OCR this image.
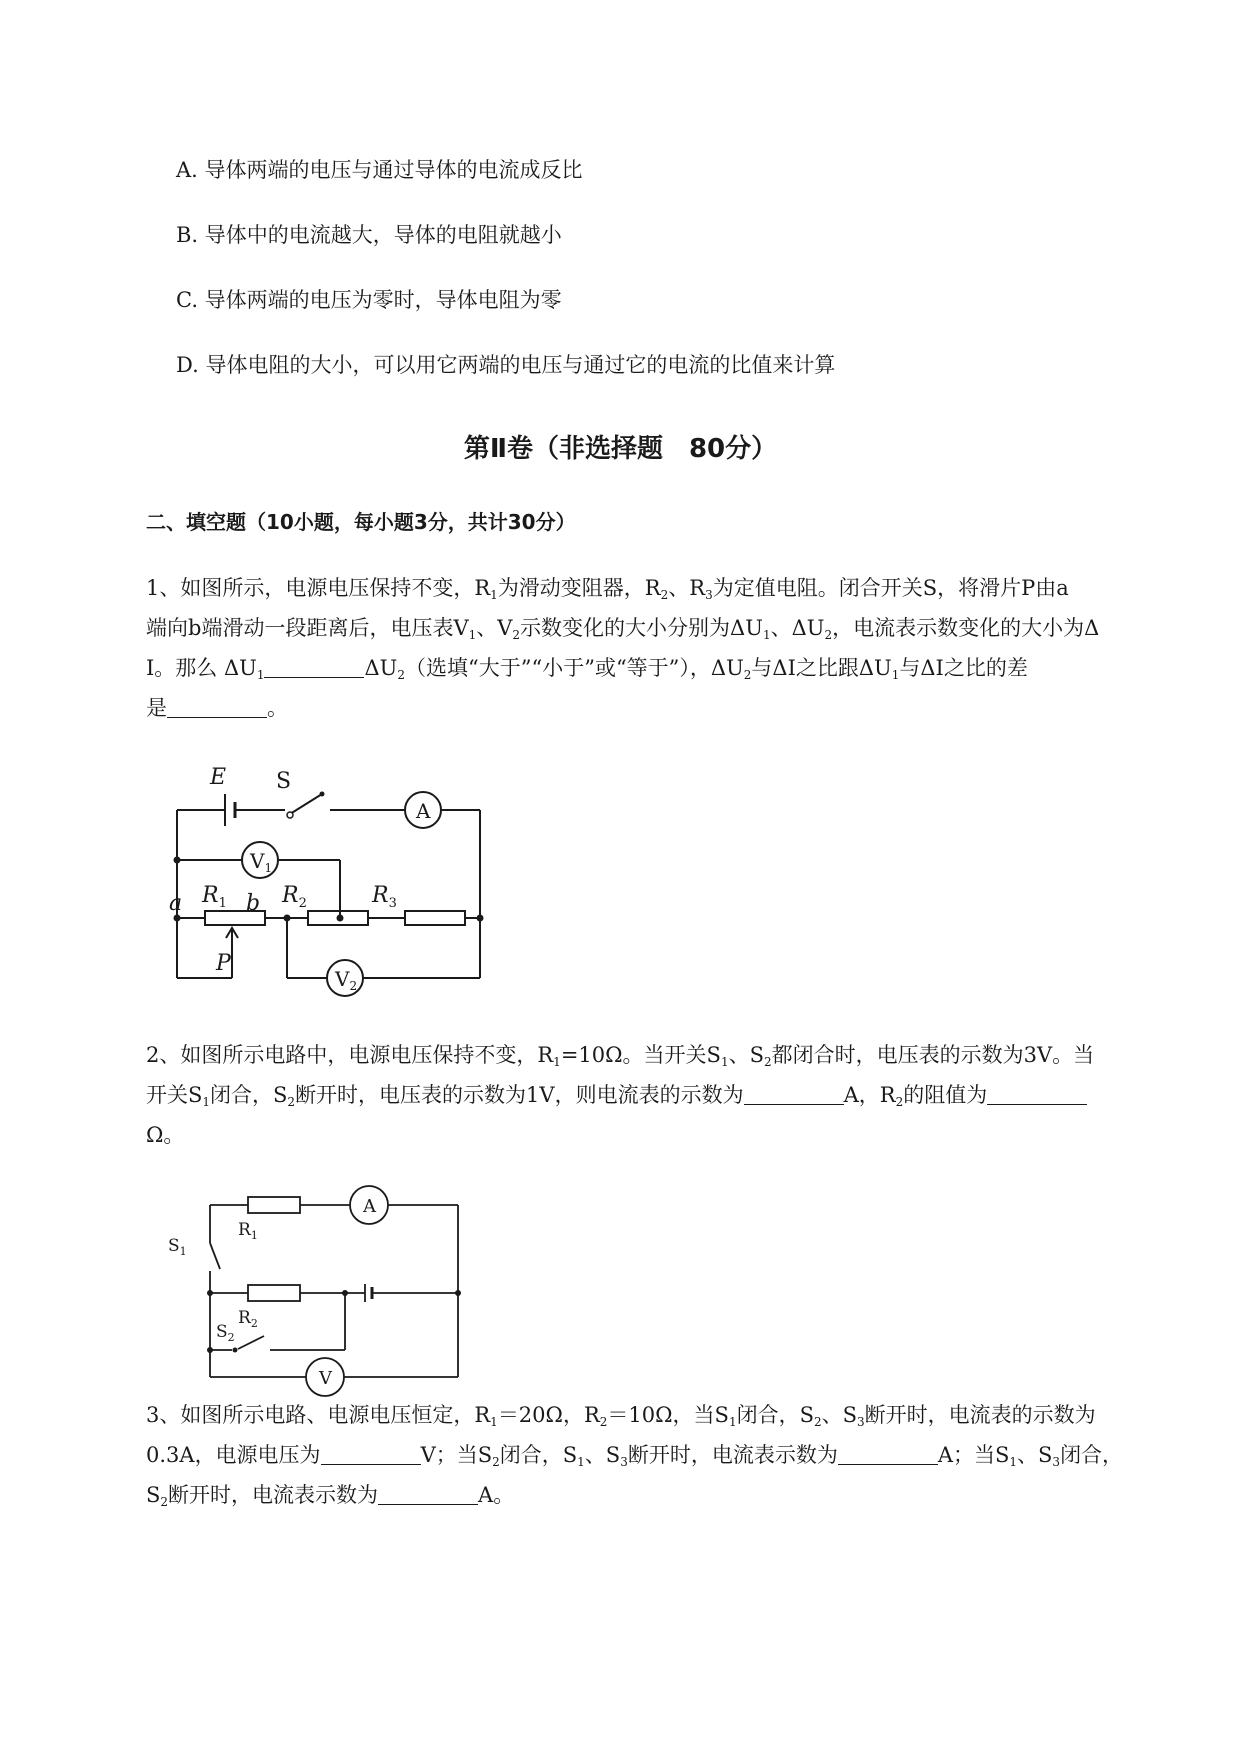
A. 导体两端的电压与通过导体的电流成反比
B. 导体中的电流越大，导体的电阻就越小
C. 导体两端的电压为零时，导体电阻为零
D. 导体电阻的大小，可以用它两端的电压与通过它的电流的比值来计算
第Ⅱ卷（非选择题　80分）
二、填空题（10小题，每小题3分，共计30分）
1、如图所示，电源电压保持不变，$R_1$为滑动变阻器，$R_2$、$R_3$为定值电阻。闭合开关S，将滑片P由a
端向b端滑动一段距离后，电压表$V_1$、$V_2$示数变化的大小分别为$\Delta U_1$、$\Delta U_2$，电流表示数变化的大小为Δ
I。那么 $\Delta U_1$	$\Delta U_2$（选填“大于”“小于”或“等于”），$\Delta U_2$与ΔI之比跟$\Delta U_1$与ΔI之比的差
是	。
E S
A
$V_1$
a $R_1$ b $R_2$	$R_3$
P
$V_2$
2、如图所示电路中，电源电压保持不变，$R_1=10\Omega$。当开关$S_1$、$S_2$都闭合时，电压表的示数为3V。当
开关$S_1$闭合，$S_2$断开时，电压表的示数为1V，则电流表的示数为	A，$R_2$的阻值为
Ω。
A
V
$R_1$
$R_2$
$S_1$
$S_2$
3、如图所示电路、电源电压恒定，$R_1=20\Omega$，$R_2=10\Omega$，当$S_1$闭合，$S_2$、$S_3$断开时，电流表的示数为
0.3A，电源电压为	V；当$S_2$闭合，$S_1$、$S_3$断开时，电流表示数为	A；当$S_1$、$S_3$闭合，
$S_2$断开时，电流表示数为	A。
